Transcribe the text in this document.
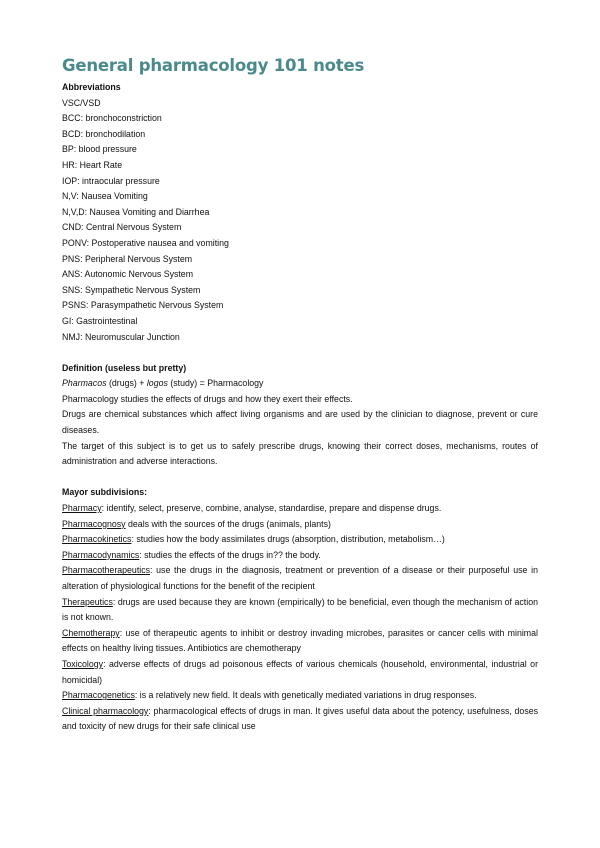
General pharmacology 101 notes

Abbreviations

VSC/VSD

BCC: bronchoconstriction

BCD: bronchodilation

BP: blood pressure

HR: Heart Rate

IOP: intraocular pressure

N,V: Nausea Vomiting

N,V,D: Nausea Vomiting and Diarrhea

CND: Central Nervous System

PONV: Postoperative nausea and vomiting

PNS: Peripheral Nervous System

ANS: Autonomic Nervous System

SNS: Sympathetic Nervous System

PSNS: Parasympathetic Nervous System

GI: Gastrointestinal

NMJ: Neuromuscular Junction

Definition (useless but pretty)

Pharmacos (drugs) + logos (study) = Pharmacology

Pharmacology studies the effects of drugs and how they exert their effects.

Drugs are chemical substances which affect living organisms and are used by the clinician to diagnose, prevent or cure diseases.

The target of this subject is to get us to safely prescribe drugs, knowing their correct doses, mechanisms, routes of administration and adverse interactions.

Mayor subdivisions:

Pharmacy: identify, select, preserve, combine, analyse, standardise, prepare and dispense drugs.

Pharmacognosy deals with the sources of the drugs (animals, plants)

Pharmacokinetics: studies how the body assimilates drugs (absorption, distribution, metabolism…)

Pharmacodynamics: studies the effects of the drugs in?? the body.

Pharmacotherapeutics: use the drugs in the diagnosis, treatment or prevention of a disease or their purposeful use in alteration of physiological functions for the benefit of the recipient

Therapeutics: drugs are used because they are known (empirically) to be beneficial, even though the mechanism of action is not known.

Chemotherapy: use of therapeutic agents to inhibit or destroy invading microbes, parasites or cancer cells with minimal effects on healthy living tissues. Antibiotics are chemotherapy

Toxicology: adverse effects of drugs ad poisonous effects of various chemicals (household, environmental, industrial or homicidal)

Pharmacogenetics: is a relatively new field. It deals with genetically mediated variations in drug responses.

Clinical pharmacology: pharmacological effects of drugs in man. It gives useful data about the potency, usefulness, doses and toxicity of new drugs for their safe clinical use
